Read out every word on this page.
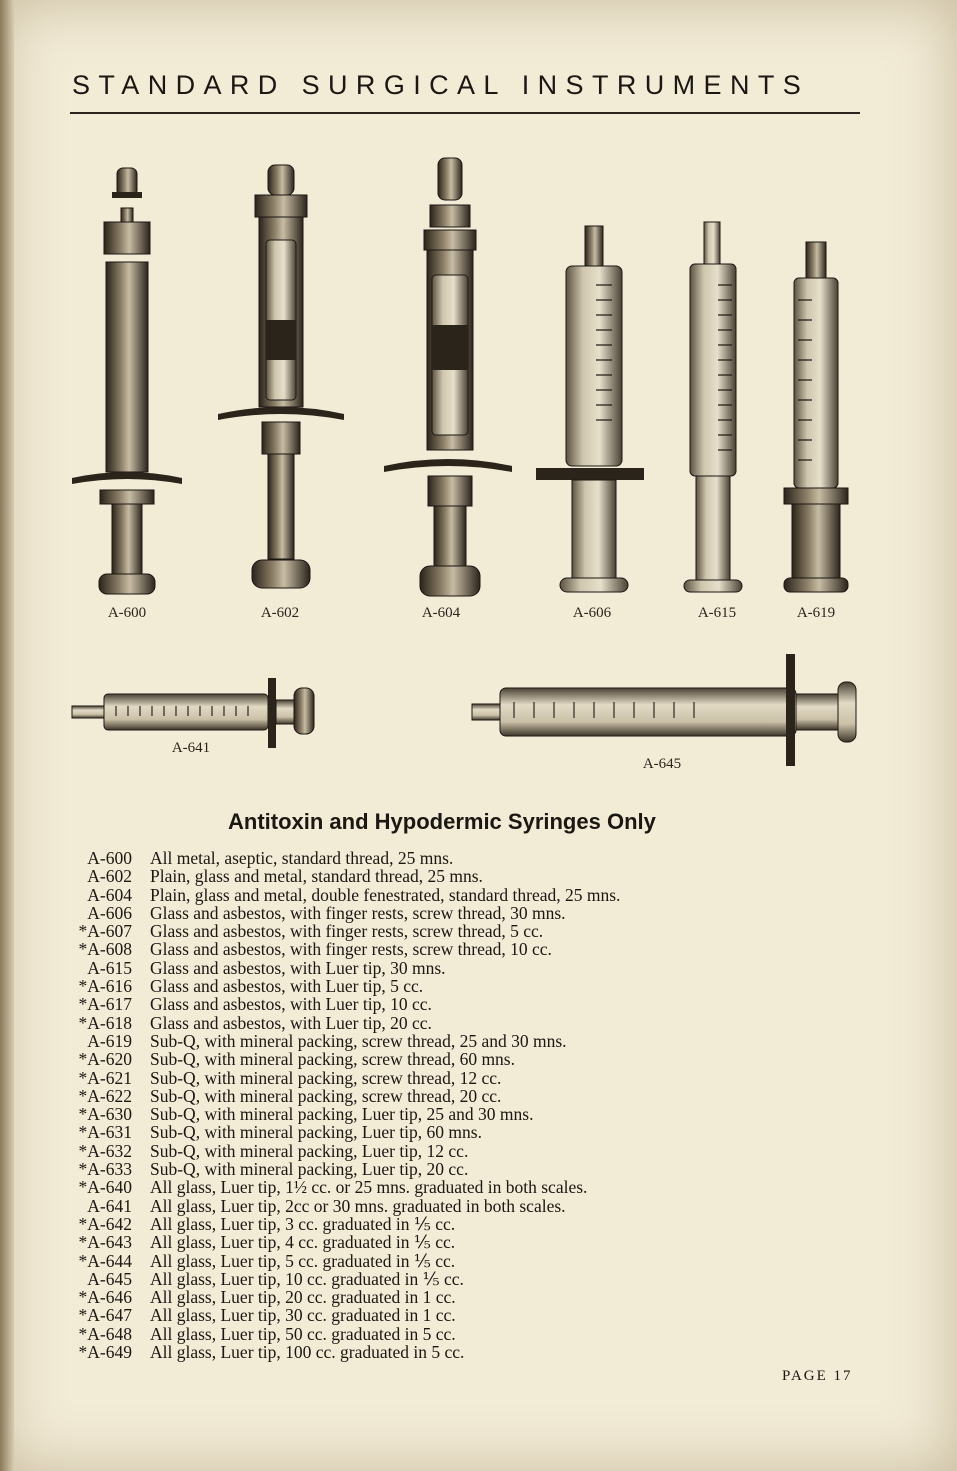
STANDARD SURGICAL INSTRUMENTS
A-600	A-602	A-604	A-606	A-615	A-619
A-641
A-645
Antitoxin and Hypodermic Syringes Only
A-600 All metal, aseptic, standard thread, 25 mns.
A-602 Plain, glass and metal, standard thread, 25 mns.
A-604 Plain, glass and metal, double fenestrated, standard thread, 25 mns.
A-606 Glass and asbestos, with finger rests, screw thread, 30 mns.
*A-607 Glass and asbestos, with finger rests, screw thread, 5 cc.
*A-608 Glass and asbestos, with finger rests, screw thread, 10 cc.
A-615 Glass and asbestos, with Luer tip, 30 mns.
*A-616 Glass and asbestos, with Luer tip, 5 cc.
*A-617 Glass and asbestos, with Luer tip, 10 cc.
*A-618 Glass and asbestos, with Luer tip, 20 cc.
A-619 Sub-Q, with mineral packing, screw thread, 25 and 30 mns.
*A-620 Sub-Q, with mineral packing, screw thread, 60 mns.
*A-621 Sub-Q, with mineral packing, screw thread, 12 cc.
*A-622 Sub-Q, with mineral packing, screw thread, 20 cc.
*A-630 Sub-Q, with mineral packing, Luer tip, 25 and 30 mns.
*A-631 Sub-Q, with mineral packing, Luer tip, 60 mns.
*A-632 Sub-Q, with mineral packing, Luer tip, 12 cc.
*A-633 Sub-Q, with mineral packing, Luer tip, 20 cc.
*A-640 All glass, Luer tip, 1½ cc. or 25 mns. graduated in both scales.
A-641 All glass, Luer tip, 2cc or 30 mns. graduated in both scales.
*A-642 All glass, Luer tip, 3 cc. graduated in ⅕ cc.
*A-643 All glass, Luer tip, 4 cc. graduated in ⅕ cc.
*A-644 All glass, Luer tip, 5 cc. graduated in ⅕ cc.
A-645 All glass, Luer tip, 10 cc. graduated in ⅕ cc.
*A-646 All glass, Luer tip, 20 cc. graduated in 1 cc.
*A-647 All glass, Luer tip, 30 cc. graduated in 1 cc.
*A-648 All glass, Luer tip, 50 cc. graduated in 5 cc.
*A-649 All glass, Luer tip, 100 cc. graduated in 5 cc.
PAGE 17
